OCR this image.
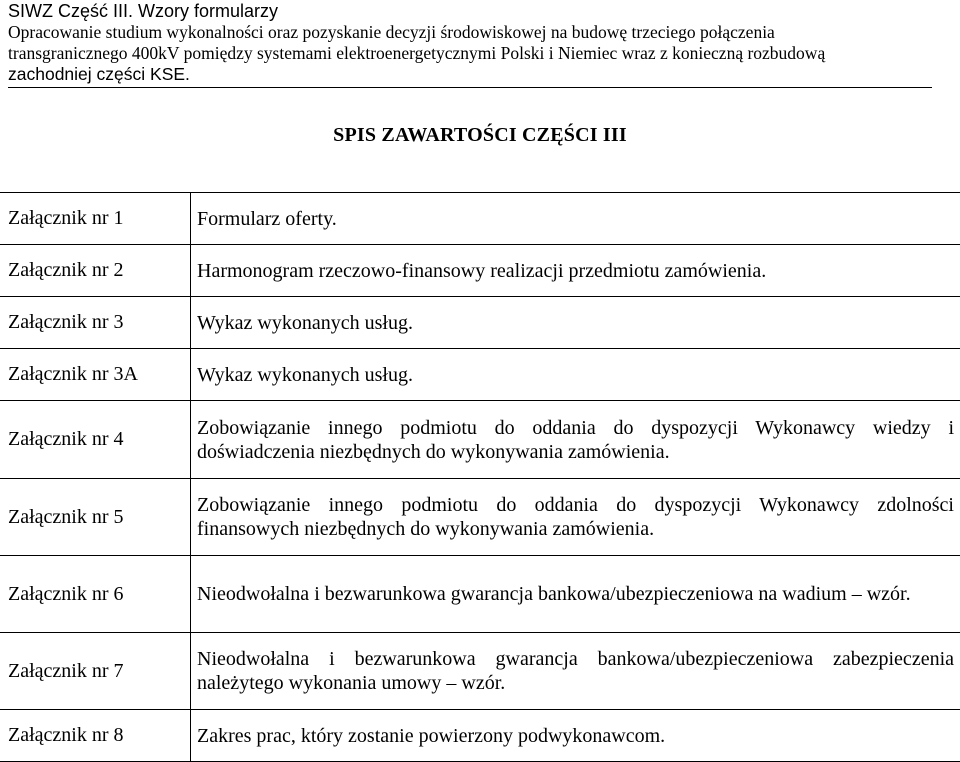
SIWZ Część III. Wzory formularzy
Opracowanie studium wykonalności oraz pozyskanie decyzji środowiskowej na budowę trzeciego połączenia
transgranicznego 400kV pomiędzy systemami elektroenergetycznymi Polski i Niemiec wraz z konieczną rozbudową
zachodniej części KSE.
SPIS ZAWARTOŚCI CZĘŚCI III
Załącznik nr 1	Formularz oferty.
Załącznik nr 2	Harmonogram rzeczowo-finansowy realizacji przedmiotu zamówienia.
Załącznik nr 3	Wykaz wykonanych usług.
Załącznik nr 3A	Wykaz wykonanych usług.
Załącznik nr 4	Zobowiązanie innego podmiotu do oddania do dyspozycji Wykonawcy wiedzy i doświadczenia niezbędnych do wykonywania zamówienia.
Załącznik nr 5	Zobowiązanie innego podmiotu do oddania do dyspozycji Wykonawcy zdolności finansowych niezbędnych do wykonywania zamówienia.
Załącznik nr 6	Nieodwołalna i bezwarunkowa gwarancja bankowa/ubezpieczeniowa na wadium – wzór.
Załącznik nr 7	Nieodwołalna i bezwarunkowa gwarancja bankowa/ubezpieczeniowa zabezpieczenia należytego wykonania umowy – wzór.
Załącznik nr 8	Zakres prac, który zostanie powierzony podwykonawcom.
